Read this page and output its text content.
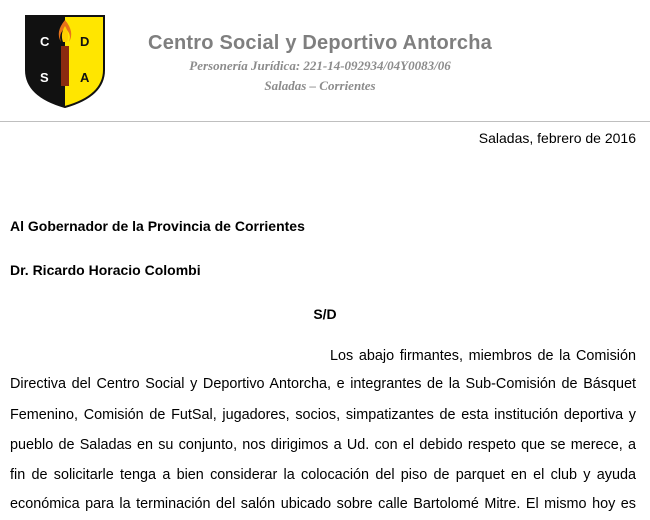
C D
S A
Centro Social y Deportivo Antorcha
Personería Jurídica: 221-14-092934/04Y0083/06
Saladas – Corrientes
Saladas, febrero de 2016
Al Gobernador de la Provincia de Corrientes
Dr. Ricardo Horacio Colombi
S/D
Los abajo firmantes, miembros de la Comisión
Directiva del Centro Social y Deportivo Antorcha, e integrantes de la Sub-Comisión de Básquet
Femenino, Comisión de FutSal, jugadores, socios, simpatizantes de esta institución deportiva y
pueblo de Saladas en su conjunto, nos dirigimos a Ud. con el debido respeto que se merece, a
fin de solicitarle tenga a bien considerar la colocación del piso de parquet en el club y ayuda
económica para la terminación del salón ubicado sobre calle Bartolomé Mitre. El mismo hoy es
